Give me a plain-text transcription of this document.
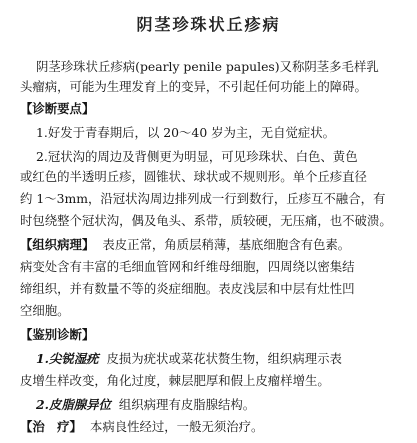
阴茎珍珠状丘疹病
阴茎珍珠状丘疹病(pearly penile papules)又称阴茎多毛样乳
头瘤病，可能为生理发育上的变异，不引起任何功能上的障碍。
【诊断要点】
1.好发于青春期后，以 20～40 岁为主，无自觉症状。
2.冠状沟的周边及背侧更为明显，可见珍珠状、白色、黄色
或红色的半透明丘疹，圆锥状、球状或不规则形。单个丘疹直径
约 1～3mm，沿冠状沟周边排列成一行到数行，丘疹互不融合，有
时包绕整个冠状沟，偶及龟头、系带，质较硬，无压痛，也不破溃。
【组织病理】 表皮正常，角质层稍薄，基底细胞含有色素。
病变处含有丰富的毛细血管网和纤维母细胞，四周绕以密集结
缔组织，并有数量不等的炎症细胞。表皮浅层和中层有灶性凹
空细胞。
【鉴别诊断】
1.尖锐湿疣 皮损为疣状或菜花状赘生物，组织病理示表
皮增生样改变，角化过度，棘层肥厚和假上皮瘤样增生。
2.皮脂腺异位 组织病理有皮脂腺结构。
【治　疗】 本病良性经过，一般无须治疗。
